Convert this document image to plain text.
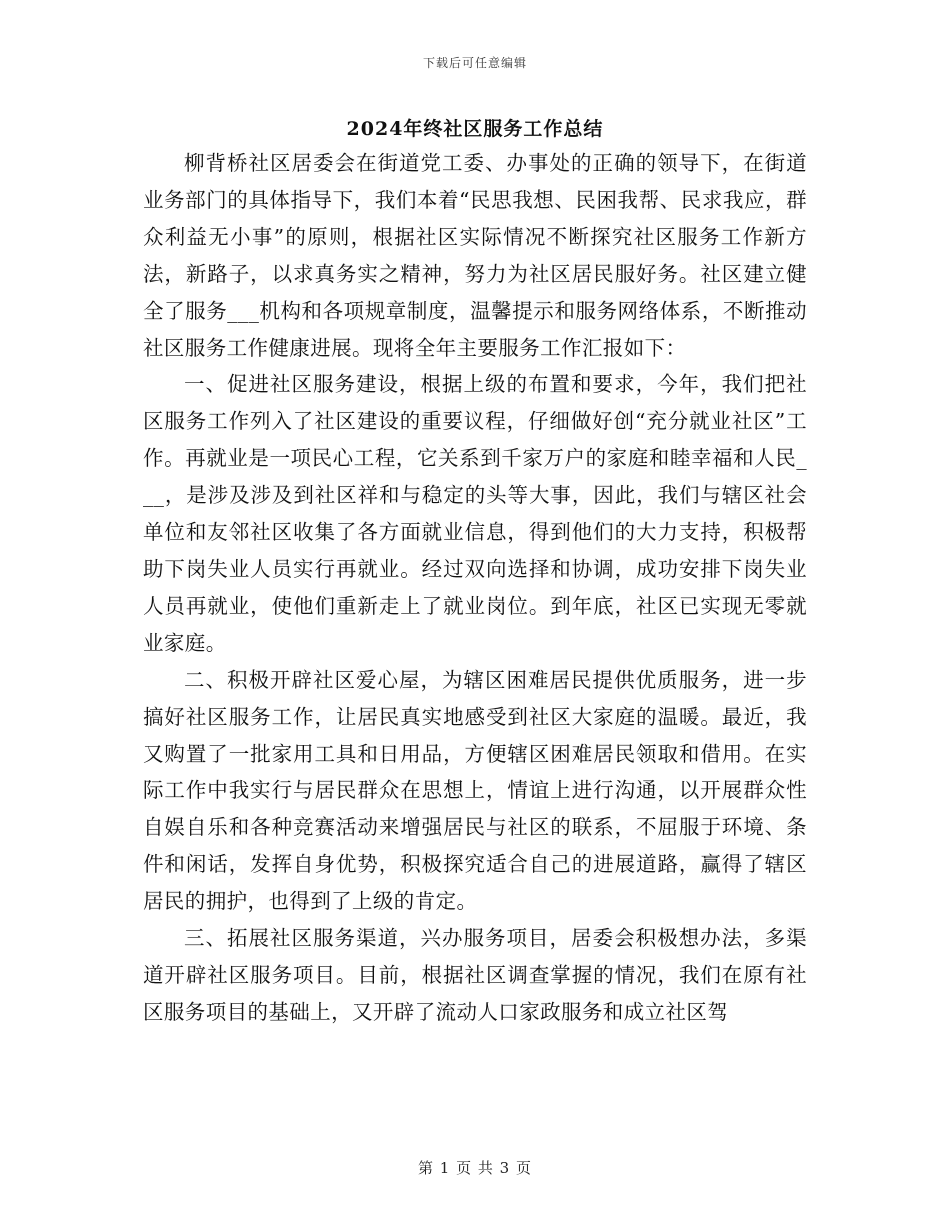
下载后可任意编辑
2024年终社区服务工作总结

柳背桥社区居委会在街道党工委、办事处的正确的领导下，在街道业务部门的具体指导下，我们本着“民思我想、民困我帮、民求我应，群众利益无小事”的原则，根据社区实际情况不断探究社区服务工作新方法，新路子，以求真务实之精神，努力为社区居民服好务。社区建立健全了服务___机构和各项规章制度，温馨提示和服务网络体系，不断推动社区服务工作健康进展。现将全年主要服务工作汇报如下：

一、促进社区服务建设，根据上级的布置和要求，今年，我们把社区服务工作列入了社区建设的重要议程，仔细做好创“充分就业社区”工作。再就业是一项民心工程，它关系到千家万户的家庭和睦幸福和人民___，是涉及涉及到社区祥和与稳定的头等大事，因此，我们与辖区社会单位和友邻社区收集了各方面就业信息，得到他们的大力支持，积极帮助下岗失业人员实行再就业。经过双向选择和协调，成功安排下岗失业人员再就业，使他们重新走上了就业岗位。到年底，社区已实现无零就业家庭。

二、积极开辟社区爱心屋，为辖区困难居民提供优质服务，进一步搞好社区服务工作，让居民真实地感受到社区大家庭的温暖。最近，我又购置了一批家用工具和日用品，方便辖区困难居民领取和借用。在实际工作中我实行与居民群众在思想上，情谊上进行沟通，以开展群众性自娱自乐和各种竞赛活动来增强居民与社区的联系，不屈服于环境、条件和闲话，发挥自身优势，积极探究适合自己的进展道路，赢得了辖区居民的拥护，也得到了上级的肯定。

三、拓展社区服务渠道，兴办服务项目，居委会积极想办法，多渠道开辟社区服务项目。目前，根据社区调查掌握的情况，我们在原有社区服务项目的基础上，又开辟了流动人口家政服务和成立社区驾

第 1 页 共 3 页
